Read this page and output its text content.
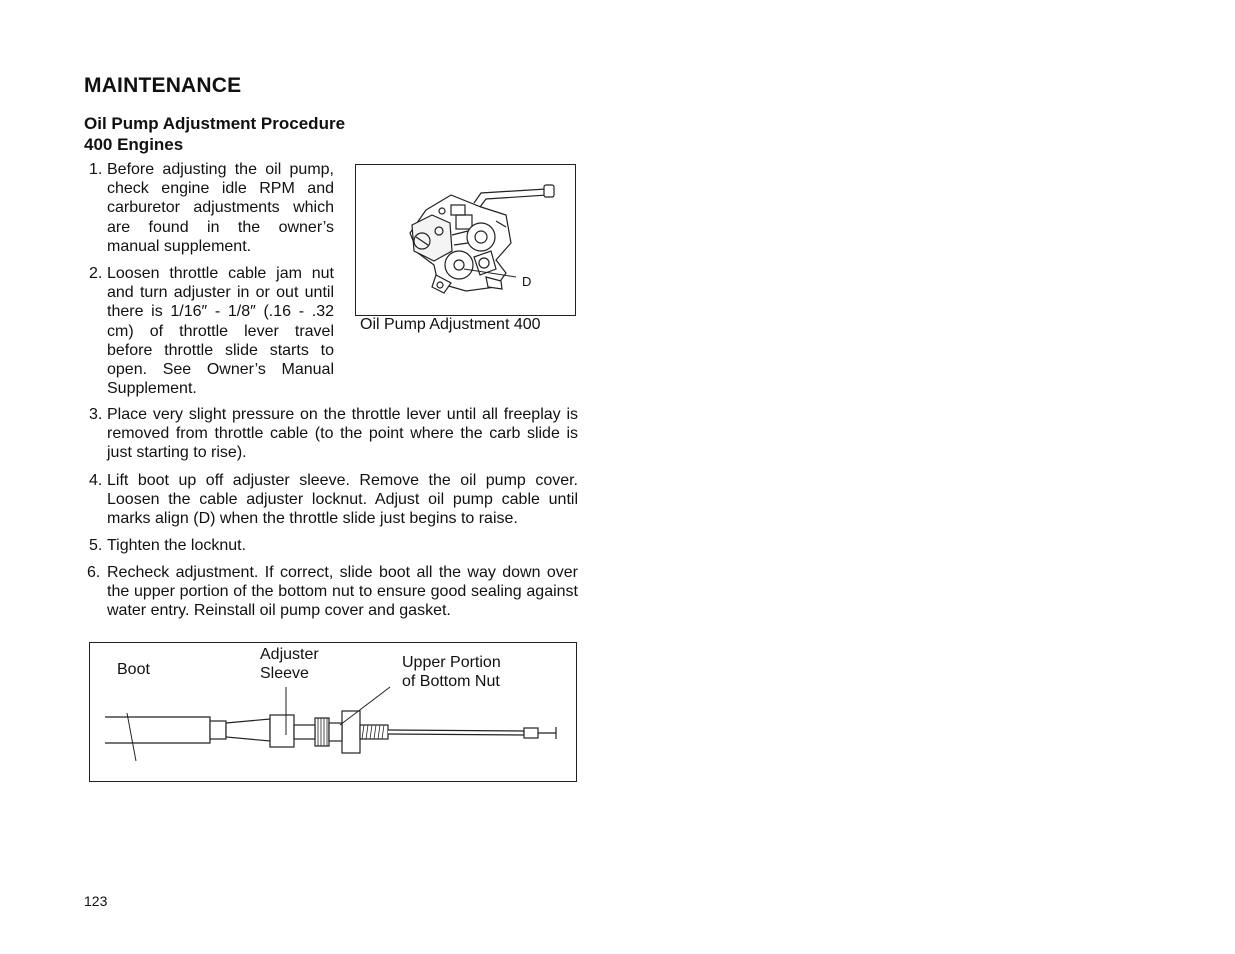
MAINTENANCE
Oil Pump Adjustment Procedure
400 Engines
1. Before adjusting the oil pump, check engine idle RPM and carburetor adjustments which are found in the owner’s manual supplement.
2. Loosen throttle cable jam nut and turn adjuster in or out until there is 1/16″ - 1/8″ (.16 - .32 cm) of throttle lever travel before throttle slide starts to open. See Owner’s Manual Supplement.
3. Place very slight pressure on the throttle lever until all freeplay is removed from throttle cable (to the point where the carb slide is just starting to rise).
4. Lift boot up off adjuster sleeve. Remove the oil pump cover. Loosen the cable adjuster locknut. Adjust oil pump cable until marks align (D) when the throttle slide just begins to raise.
5. Tighten the locknut.
6. Recheck adjustment. If correct, slide boot all the way down over the upper portion of the bottom nut to ensure good sealing against water entry. Reinstall oil pump cover and gasket.
D
Oil Pump Adjustment 400
Boot
Adjuster
Sleeve
Upper Portion
of Bottom Nut
123
